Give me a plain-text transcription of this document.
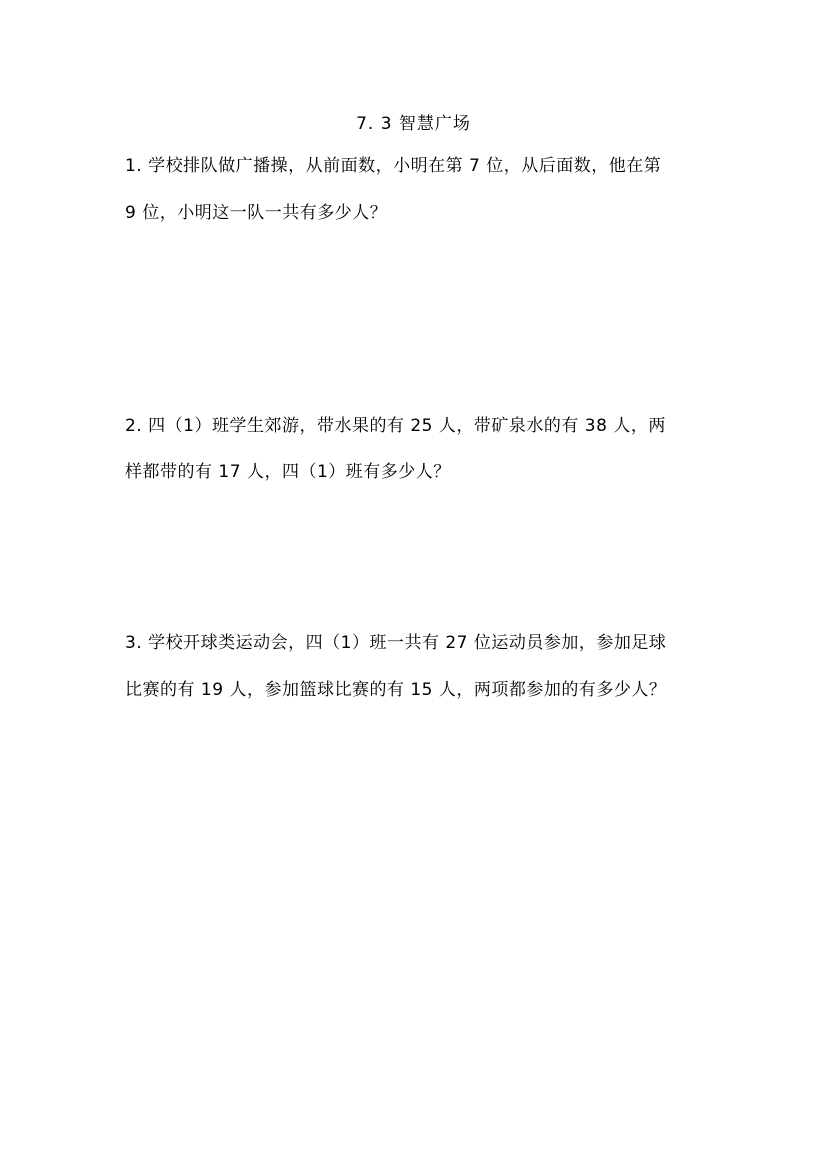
7. 3 智慧广场
1. 学校排队做广播操，从前面数，小明在第 7 位，从后面数，他在第
9 位，小明这一队一共有多少人？
2. 四（1）班学生郊游，带水果的有 25 人，带矿泉水的有 38 人，两
样都带的有 17 人，四（1）班有多少人？
3. 学校开球类运动会，四（1）班一共有 27 位运动员参加，参加足球
比赛的有 19 人，参加篮球比赛的有 15 人，两项都参加的有多少人？
